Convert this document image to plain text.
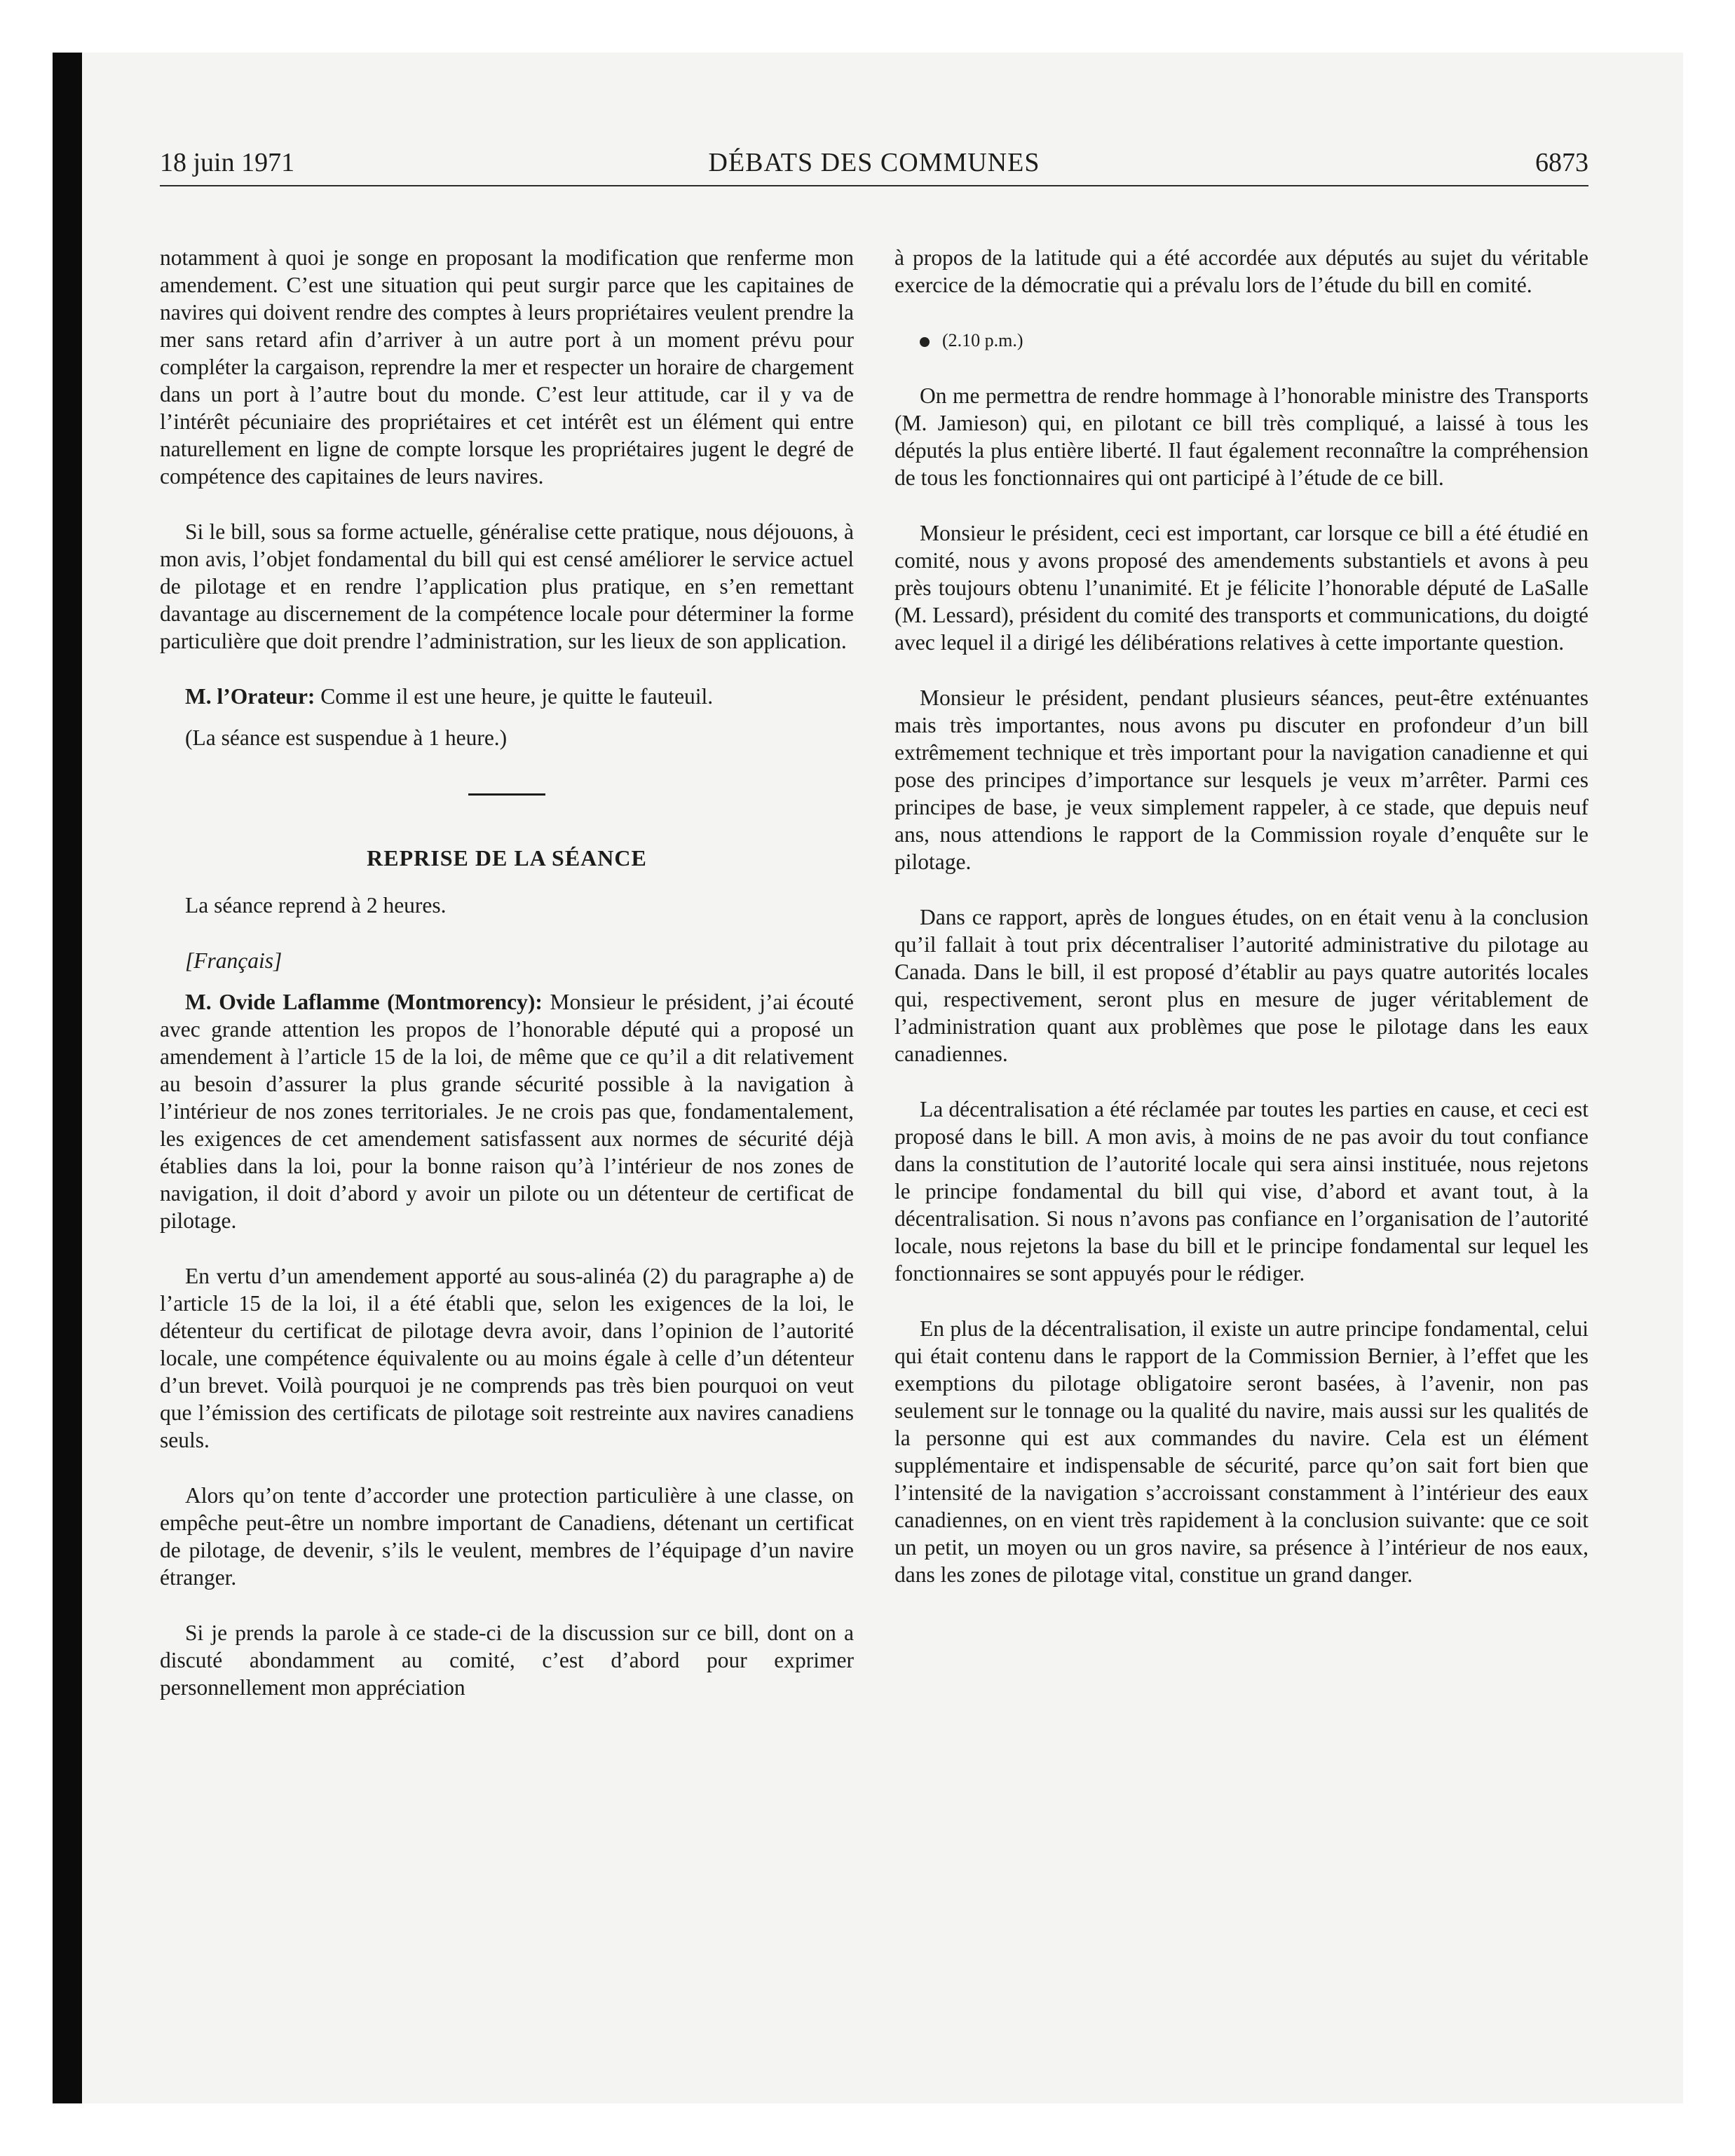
18 juin 1971	DÉBATS DES COMMUNES	6873

notamment à quoi je songe en proposant la modification que renferme mon amendement. C’est une situation qui peut surgir parce que les capitaines de navires qui doivent rendre des comptes à leurs propriétaires veulent prendre la mer sans retard afin d’arriver à un autre port à un moment prévu pour compléter la cargaison, reprendre la mer et respecter un horaire de chargement dans un port à l’autre bout du monde. C’est leur attitude, car il y va de l’intérêt pécuniaire des propriétaires et cet intérêt est un élément qui entre naturellement en ligne de compte lorsque les propriétaires jugent le degré de compétence des capitaines de leurs navires.

Si le bill, sous sa forme actuelle, généralise cette pratique, nous déjouons, à mon avis, l’objet fondamental du bill qui est censé améliorer le service actuel de pilotage et en rendre l’application plus pratique, en s’en remettant davantage au discernement de la compétence locale pour déterminer la forme particulière que doit prendre l’administration, sur les lieux de son application.

M. l’Orateur: Comme il est une heure, je quitte le fauteuil.

(La séance est suspendue à 1 heure.)

REPRISE DE LA SÉANCE

La séance reprend à 2 heures.

[Français]

M. Ovide Laflamme (Montmorency): Monsieur le président, j’ai écouté avec grande attention les propos de l’honorable député qui a proposé un amendement à l’article 15 de la loi, de même que ce qu’il a dit relativement au besoin d’assurer la plus grande sécurité possible à la navigation à l’intérieur de nos zones territoriales. Je ne crois pas que, fondamentalement, les exigences de cet amendement satisfassent aux normes de sécurité déjà établies dans la loi, pour la bonne raison qu’à l’intérieur de nos zones de navigation, il doit d’abord y avoir un pilote ou un détenteur de certificat de pilotage.

En vertu d’un amendement apporté au sous-alinéa (2) du paragraphe a) de l’article 15 de la loi, il a été établi que, selon les exigences de la loi, le détenteur du certificat de pilotage devra avoir, dans l’opinion de l’autorité locale, une compétence équivalente ou au moins égale à celle d’un détenteur d’un brevet. Voilà pourquoi je ne comprends pas très bien pourquoi on veut que l’émission des certificats de pilotage soit restreinte aux navires canadiens seuls.

Alors qu’on tente d’accorder une protection particulière à une classe, on empêche peut-être un nombre important de Canadiens, détenant un certificat de pilotage, de devenir, s’ils le veulent, membres de l’équipage d’un navire étranger.

Si je prends la parole à ce stade-ci de la discussion sur ce bill, dont on a discuté abondamment au comité, c’est d’abord pour exprimer personnellement mon appréciation

à propos de la latitude qui a été accordée aux députés au sujet du véritable exercice de la démocratie qui a prévalu lors de l’étude du bill en comité.

(2.10 p.m.)

On me permettra de rendre hommage à l’honorable ministre des Transports (M. Jamieson) qui, en pilotant ce bill très compliqué, a laissé à tous les députés la plus entière liberté. Il faut également reconnaître la compréhension de tous les fonctionnaires qui ont participé à l’étude de ce bill.

Monsieur le président, ceci est important, car lorsque ce bill a été étudié en comité, nous y avons proposé des amendements substantiels et avons à peu près toujours obtenu l’unanimité. Et je félicite l’honorable député de LaSalle (M. Lessard), président du comité des transports et communications, du doigté avec lequel il a dirigé les délibérations relatives à cette importante question.

Monsieur le président, pendant plusieurs séances, peut-être exténuantes mais très importantes, nous avons pu discuter en profondeur d’un bill extrêmement technique et très important pour la navigation canadienne et qui pose des principes d’importance sur lesquels je veux m’arrêter. Parmi ces principes de base, je veux simplement rappeler, à ce stade, que depuis neuf ans, nous attendions le rapport de la Commission royale d’enquête sur le pilotage.

Dans ce rapport, après de longues études, on en était venu à la conclusion qu’il fallait à tout prix décentraliser l’autorité administrative du pilotage au Canada. Dans le bill, il est proposé d’établir au pays quatre autorités locales qui, respectivement, seront plus en mesure de juger véritablement de l’administration quant aux problèmes que pose le pilotage dans les eaux canadiennes.

La décentralisation a été réclamée par toutes les parties en cause, et ceci est proposé dans le bill. A mon avis, à moins de ne pas avoir du tout confiance dans la constitution de l’autorité locale qui sera ainsi instituée, nous rejetons le principe fondamental du bill qui vise, d’abord et avant tout, à la décentralisation. Si nous n’avons pas confiance en l’organisation de l’autorité locale, nous rejetons la base du bill et le principe fondamental sur lequel les fonctionnaires se sont appuyés pour le rédiger.

En plus de la décentralisation, il existe un autre principe fondamental, celui qui était contenu dans le rapport de la Commission Bernier, à l’effet que les exemptions du pilotage obligatoire seront basées, à l’avenir, non pas seulement sur le tonnage ou la qualité du navire, mais aussi sur les qualités de la personne qui est aux commandes du navire. Cela est un élément supplémentaire et indispensable de sécurité, parce qu’on sait fort bien que l’intensité de la navigation s’accroissant constamment à l’intérieur des eaux canadiennes, on en vient très rapidement à la conclusion suivante: que ce soit un petit, un moyen ou un gros navire, sa présence à l’intérieur de nos eaux, dans les zones de pilotage vital, constitue un grand danger.
